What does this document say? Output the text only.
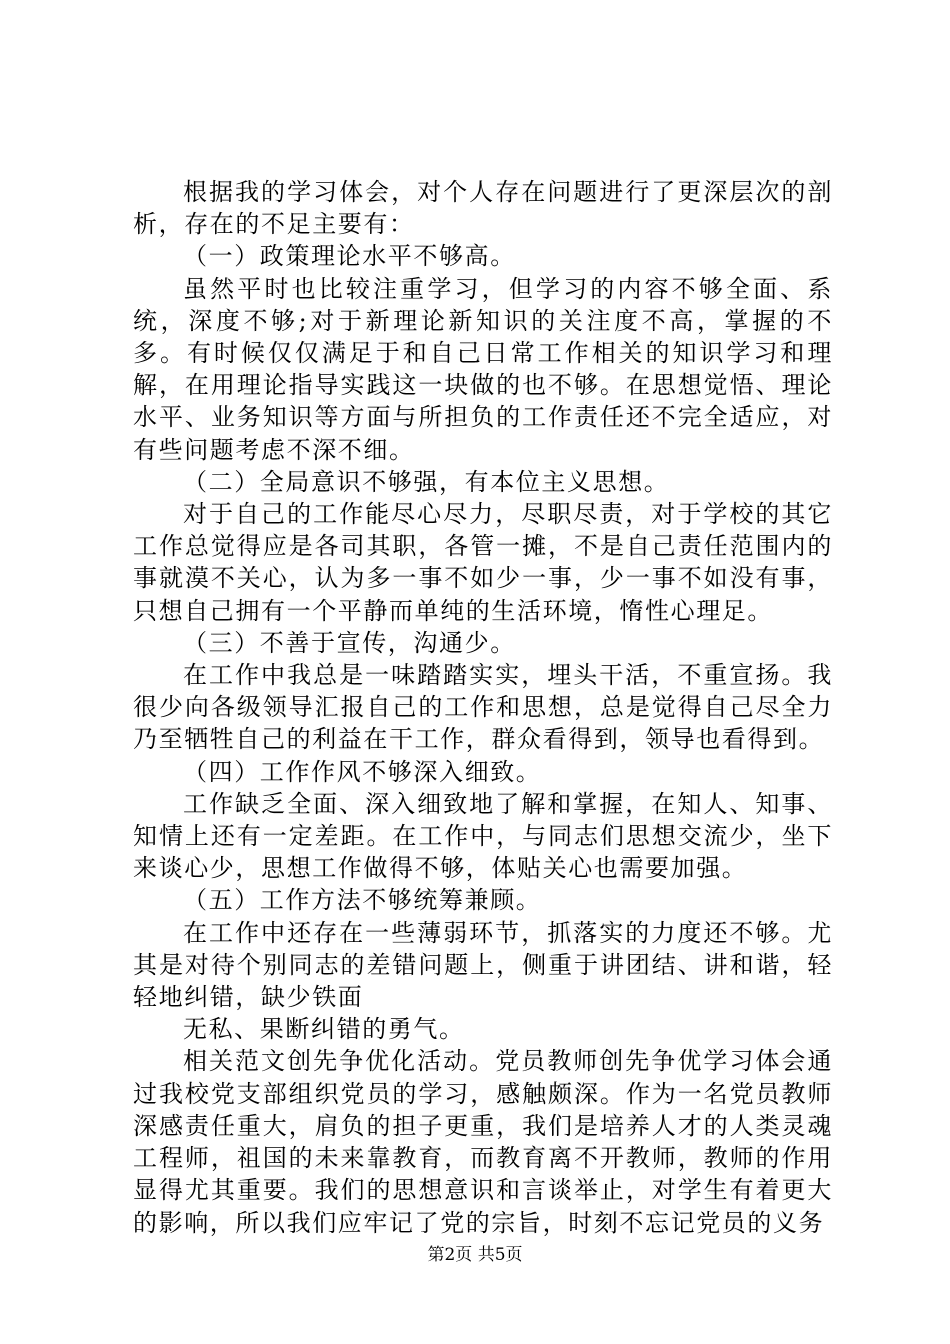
根据我的学习体会，对个人存在问题进行了更深层次的剖析，存在的不足主要有：

（一）政策理论水平不够高。

虽然平时也比较注重学习，但学习的内容不够全面、系统，深度不够;对于新理论新知识的关注度不高，掌握的不多。有时候仅仅满足于和自己日常工作相关的知识学习和理解，在用理论指导实践这一块做的也不够。在思想觉悟、理论水平、业务知识等方面与所担负的工作责任还不完全适应，对有些问题考虑不深不细。

（二）全局意识不够强，有本位主义思想。

对于自己的工作能尽心尽力，尽职尽责，对于学校的其它工作总觉得应是各司其职，各管一摊，不是自己责任范围内的事就漠不关心，认为多一事不如少一事，少一事不如没有事，只想自己拥有一个平静而单纯的生活环境，惰性心理足。

（三）不善于宣传，沟通少。

在工作中我总是一味踏踏实实，埋头干活，不重宣扬。我很少向各级领导汇报自己的工作和思想，总是觉得自己尽全力乃至牺牲自己的利益在干工作，群众看得到，领导也看得到。

（四）工作作风不够深入细致。

工作缺乏全面、深入细致地了解和掌握，在知人、知事、知情上还有一定差距。在工作中，与同志们思想交流少，坐下来谈心少，思想工作做得不够，体贴关心也需要加强。

（五）工作方法不够统筹兼顾。

在工作中还存在一些薄弱环节，抓落实的力度还不够。尤其是对待个别同志的差错问题上，侧重于讲团结、讲和谐，轻轻地纠错，缺少铁面

无私、果断纠错的勇气。

相关范文创先争优化活动。党员教师创先争优学习体会通过我校党支部组织党员的学习，感触颇深。作为一名党员教师深感责任重大，肩负的担子更重，我们是培养人才的人类灵魂工程师，祖国的未来靠教育，而教育离不开教师，教师的作用显得尤其重要。我们的思想意识和言谈举止，对学生有着更大的影响，所以我们应牢记了党的宗旨，时刻不忘记党员的义务

第2页 共5页
